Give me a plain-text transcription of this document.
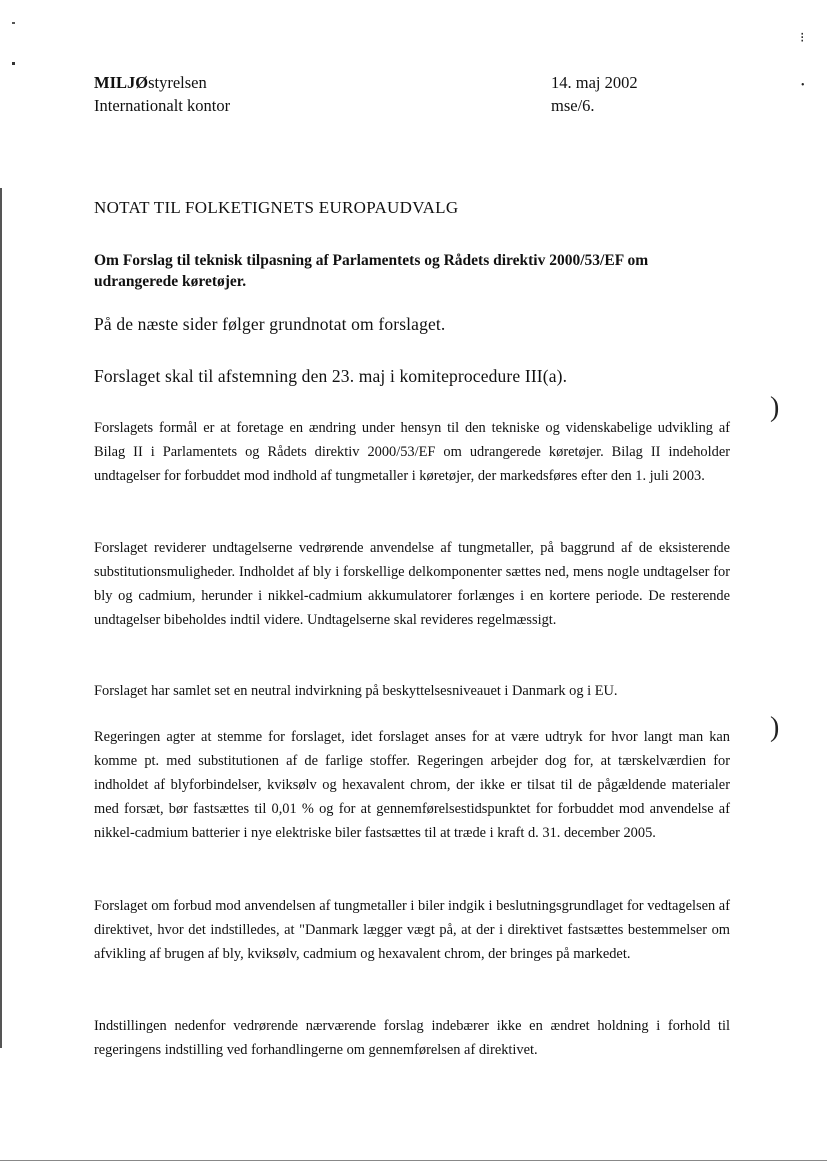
⁝
•
MILJØstyrelsen
Internationalt kontor
14. maj 2002
mse/6.
NOTAT TIL FOLKETIGNETS EUROPAUDVALG
Om Forslag til teknisk tilpasning af Parlamentets og Rådets direktiv 2000/53/EF om udrangerede køretøjer.
På de næste sider følger grundnotat om forslaget.
Forslaget skal til afstemning den 23. maj i komiteprocedure III(a).
Forslagets formål er at foretage en ændring under hensyn til den tekniske og videnskabelige udvikling af Bilag II i Parlamentets og Rådets direktiv 2000/53/EF om udrangerede køretøjer. Bilag II indeholder undtagelser for forbuddet mod indhold af tungmetaller i køretøjer, der markedsføres efter den 1. juli 2003.
Forslaget reviderer undtagelserne vedrørende anvendelse af tungmetaller, på baggrund af de eksisterende substitutionsmuligheder. Indholdet af bly i forskellige delkomponenter sættes ned, mens nogle undtagelser for bly og cadmium, herunder i nikkel-cadmium akkumulatorer forlænges i en kortere periode. De resterende undtagelser bibeholdes indtil videre. Undtagelserne skal revideres regelmæssigt.
Forslaget har samlet set en neutral indvirkning på beskyttelsesniveauet i Danmark og i EU.
Regeringen agter at stemme for forslaget, idet forslaget anses for at være udtryk for hvor langt man kan komme pt. med substitutionen af de farlige stoffer. Regeringen arbejder dog for, at tærskelværdien for indholdet af blyforbindelser, kviksølv og hexavalent chrom, der ikke er tilsat til de pågældende materialer med forsæt, bør fastsættes til 0,01 % og for at gennemførelsestidspunktet for forbuddet mod anvendelse af nikkel-cadmium batterier i nye elektriske biler fastsættes til at træde i kraft d. 31. december 2005.
Forslaget om forbud mod anvendelsen af tungmetaller i biler indgik i beslutningsgrundlaget for vedtagelsen af direktivet, hvor det indstilledes, at "Danmark lægger vægt på, at der i direktivet fastsættes bestemmelser om afvikling af brugen af bly, kviksølv, cadmium og hexavalent chrom, der bringes på markedet.
Indstillingen nedenfor vedrørende nærværende forslag indebærer ikke en ændret holdning i forhold til regeringens indstilling ved forhandlingerne om gennemførelsen af direktivet.
)
)
